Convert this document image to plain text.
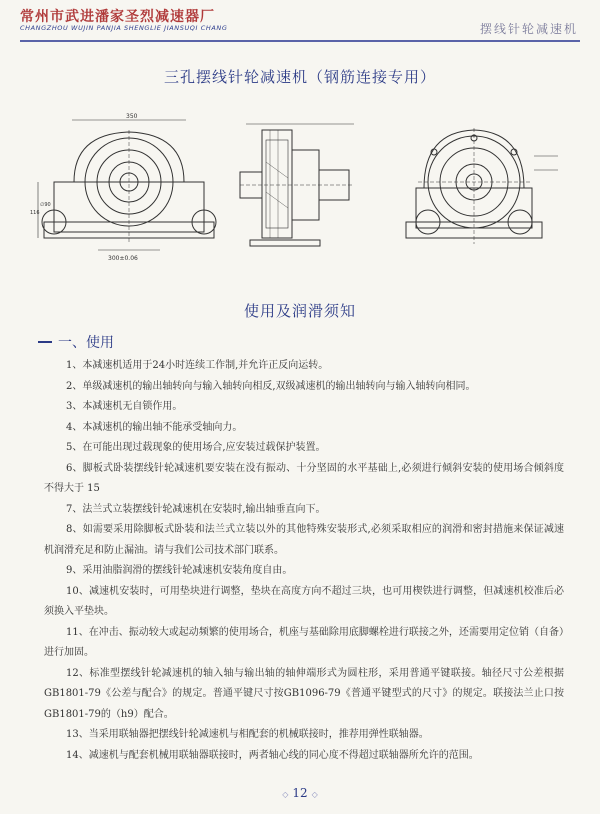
常州市武进潘家圣烈减速器厂
CHANGZHOU WUJIN PANJIA SHENGLIE JIANSUQI CHANG	摆线针轮减速机
三孔摆线针轮减速机（钢筋连接专用）
350
300±0.06
116
∅90
使用及润滑须知
一、使用

1、本减速机适用于24小时连续工作制,并允许正反向运转。

2、单级减速机的输出轴转向与输入轴转向相反,双级减速机的输出轴转向与输入轴转向相同。

3、本减速机无自锁作用。

4、本减速机的输出轴不能承受轴向力。

5、在可能出现过载现象的使用场合,应安装过载保护装置。

6、脚板式卧装摆线针轮减速机要安装在没有振动、十分坚固的水平基础上,必须进行倾斜安装的使用场合倾斜度不得大于 15

7、法兰式立装摆线针轮减速机在安装时,输出轴垂直向下。

8、如需要采用除脚板式卧装和法兰式立装以外的其他特殊安装形式,必须采取相应的润滑和密封措施来保证减速机润滑充足和防止漏油。请与我们公司技术部门联系。

9、采用油脂润滑的摆线针轮减速机安装角度自由。

10、减速机安装时，可用垫块进行调整，垫块在高度方向不超过三块，也可用楔铁进行调整，但减速机校准后必须换入平垫块。

11、在冲击、振动较大或起动频繁的使用场合，机座与基础除用底脚螺栓进行联接之外，还需要用定位销（自备）进行加固。

12、标准型摆线针轮减速机的轴入轴与输出轴的轴伸端形式为圆柱形，采用普通平键联接。轴径尺寸公差根据GB1801-79《公差与配合》的规定。普通平键尺寸按GB1096-79《普通平键型式的尺寸》的规定。联接法兰止口按GB1801-79的（h9）配合。

13、当采用联轴器把摆线针轮减速机与相配套的机械联接时，推荐用弹性联轴器。

14、减速机与配套机械用联轴器联接时，两者轴心线的同心度不得超过联轴器所允许的范围。

◇ 12 ◇
